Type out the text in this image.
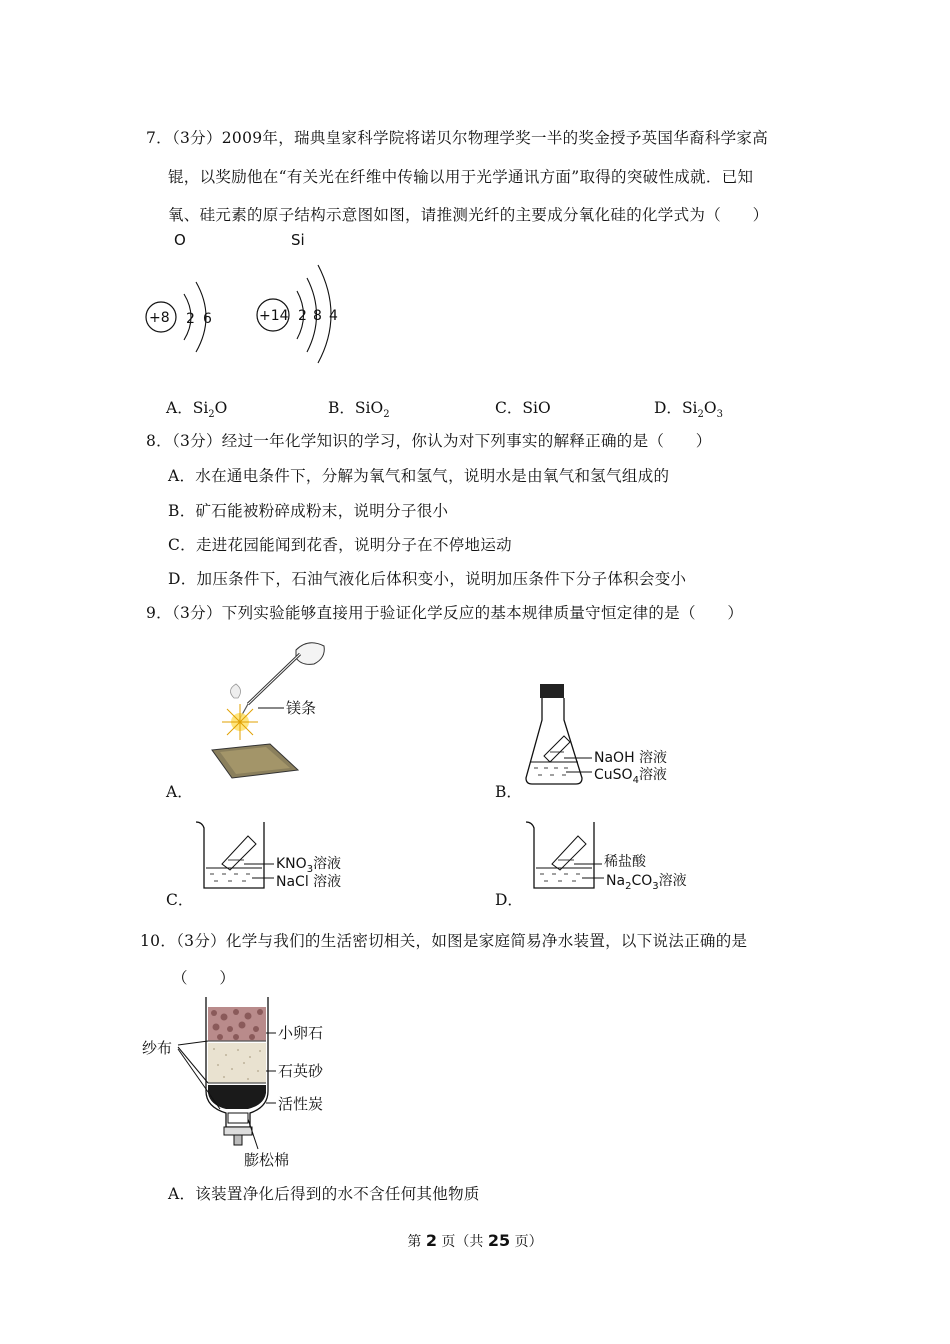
7．（3分）2009年，瑞典皇家科学院将诺贝尔物理学奖一半的奖金授予英国华裔科学家高
锟，以奖励他在“有关光在纤维中传输以用于光学通讯方面”取得的突破性成就．已知
氧、硅元素的原子结构示意图如图，请推测光纤的主要成分氧化硅的化学式为（　　）
O
+8 2 6
Si
+14 2 8 4
A．$Si_2O$	B．SiO$_2$	C．SiO	D．$Si_2O_3$
8．（3分）经过一年化学知识的学习，你认为对下列事实的解释正确的是（　　）
A．水在通电条件下，分解为氧气和氢气，说明水是由氧气和氢气组成的
B．矿石能被粉碎成粉末，说明分子很小
C．走进花园能闻到花香，说明分子在不停地运动
D．加压条件下，石油气液化后体积变小，说明加压条件下分子体积会变小
9．（3分）下列实验能够直接用于验证化学反应的基本规律质量守恒定律的是（　　）
镁条
A．
NaOH 溶液
CuSO$_4$溶液
B．
$KNO_3$溶液
NaCl 溶液
C．
稀盐酸
$Na_2CO_3$溶液
D．
10．（3分）化学与我们的生活密切相关，如图是家庭简易净水装置，以下说法正确的是
（　　）
纱布
小卵石
石英砂
活性炭
膨松棉
A．该装置净化后得到的水不含任何其他物质
第 2 页（共 25 页）
